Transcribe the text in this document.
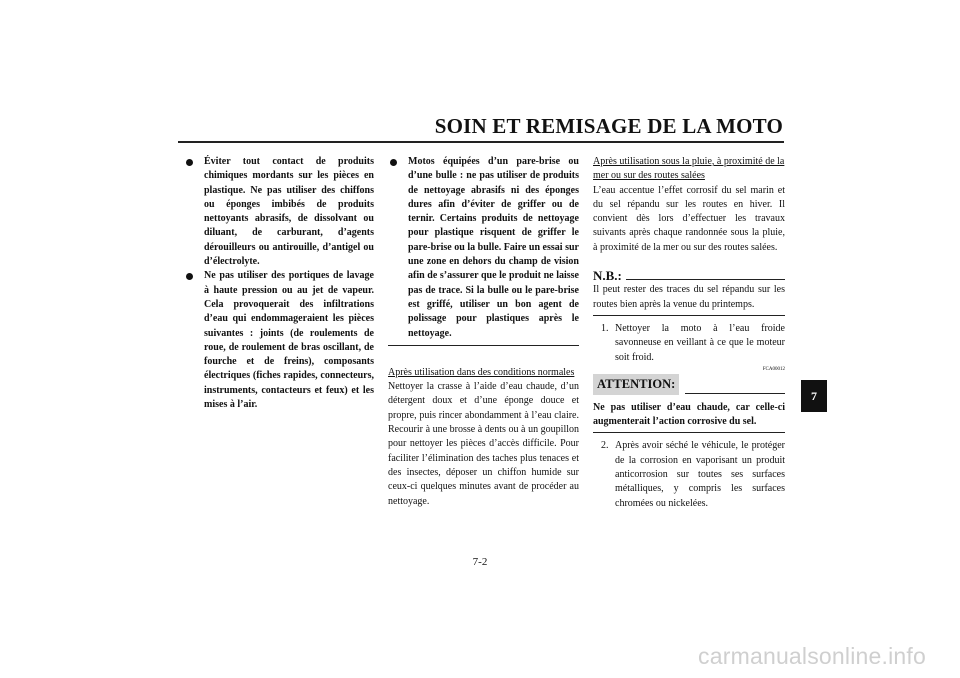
SOIN ET REMISAGE DE LA MOTO
Éviter tout contact de produits chimiques mordants sur les pièces en plastique. Ne pas utiliser des chiffons ou éponges imbibés de produits nettoyants abrasifs, de dissolvant ou diluant, de carburant, d’agents dérouilleurs ou antirouille, d’antigel ou d’électrolyte.
Ne pas utiliser des portiques de lavage à haute pression ou au jet de vapeur. Cela provoquerait des infiltrations d’eau qui endommageraient les pièces suivantes : joints (de roulements de roue, de roulement de bras oscillant, de fourche et de freins), composants électriques (fiches rapides, connecteurs, instruments, contacteurs et feux) et les mises à l’air.
Motos équipées d’un pare-brise ou d’une bulle : ne pas utiliser de produits de nettoyage abrasifs ni des éponges dures afin d’éviter de griffer ou de ternir. Certains produits de nettoyage pour plastique risquent de griffer le pare-brise ou la bulle. Faire un essai sur une zone en dehors du champ de vision afin de s’assurer que le produit ne laisse pas de trace. Si la bulle ou le pare-brise est griffé, utiliser un bon agent de polissage pour plastiques après le nettoyage.

Après utilisation dans des conditions normales

Nettoyer la crasse à l’aide d’eau chaude, d’un détergent doux et d’une éponge douce et propre, puis rincer abondamment à l’eau claire. Recourir à une brosse à dents ou à un goupillon pour nettoyer les pièces d’accès difficile. Pour faciliter l’élimination des taches plus tenaces et des insectes, déposer un chiffon humide sur ceux-ci quelques minutes avant de procéder au nettoyage.

Après utilisation sous la pluie, à proximité de la mer ou sur des routes salées

L’eau accentue l’effet corrosif du sel marin et du sel répandu sur les routes en hiver. Il convient dès lors d’effectuer les travaux suivants après chaque randonnée sous la pluie, à proximité de la mer ou sur des routes salées.

N.B.:

Il peut rester des traces du sel répandu sur les routes bien après la venue du printemps.

1. Nettoyer la moto à l’eau froide savonneuse en veillant à ce que le moteur soit froid.
FCA00012
ATTENTION:

Ne pas utiliser d’eau chaude, car celle-ci augmenterait l’action corrosive du sel.

2. Après avoir séché le véhicule, le protéger de la corrosion en vaporisant un produit anticorrosion sur toutes ses surfaces métalliques, y compris les surfaces chromées ou nickelées.
7
7-2
carmanualsonline.info
